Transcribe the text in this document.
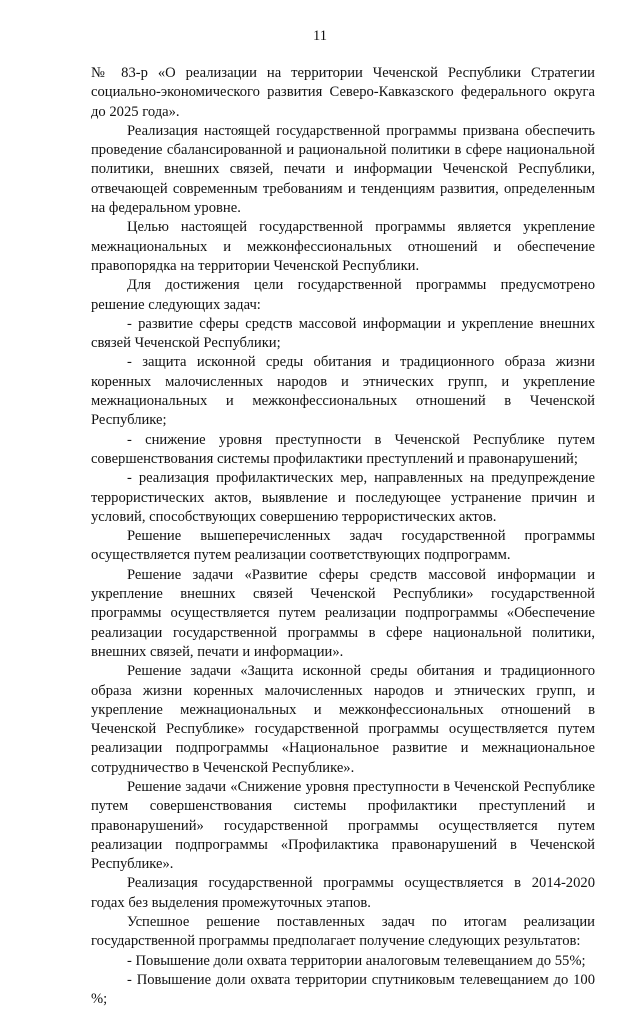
11

№ 83-р «О реализации на территории Чеченской Республики Стратегии социально-экономического развития Северо-Кавказского федерального округа до 2025 года».

Реализация настоящей государственной программы призвана обеспечить проведение сбалансированной и рациональной политики в сфере национальной политики, внешних связей, печати и информации Чеченской Республики, отвечающей современным требованиям и тенденциям развития, определенным на федеральном уровне.

Целью настоящей государственной программы является укрепление межнациональных и межконфессиональных отношений и обеспечение правопорядка на территории Чеченской Республики.

Для достижения цели государственной программы предусмотрено решение следующих задач:

- развитие сферы средств массовой информации и укрепление внешних связей Чеченской Республики;

- защита исконной среды обитания и традиционного образа жизни коренных малочисленных народов и этнических групп, и укрепление межнациональных и межконфессиональных отношений в Чеченской Республике;

- снижение уровня преступности в Чеченской Республике путем совершенствования системы профилактики преступлений и правонарушений;

- реализация профилактических мер, направленных на предупреждение террористических актов, выявление и последующее устранение причин и условий, способствующих совершению террористических актов.

Решение вышеперечисленных задач государственной программы осуществляется путем реализации соответствующих подпрограмм.

Решение задачи «Развитие сферы средств массовой информации и укрепление внешних связей Чеченской Республики» государственной программы осуществляется путем реализации подпрограммы «Обеспечение реализации государственной программы в сфере национальной политики, внешних связей, печати и информации».

Решение задачи «Защита исконной среды обитания и традиционного образа жизни коренных малочисленных народов и этнических групп, и укрепление межнациональных и межконфессиональных отношений в Чеченской Республике» государственной программы осуществляется путем реализации подпрограммы «Национальное развитие и межнациональное сотрудничество в Чеченской Республике».

Решение задачи «Снижение уровня преступности в Чеченской Республике путем совершенствования системы профилактики преступлений и правонарушений» государственной программы осуществляется путем реализации подпрограммы «Профилактика правонарушений в Чеченской Республике».

Реализация государственной программы осуществляется в 2014-2020 годах без выделения промежуточных этапов.

Успешное решение поставленных задач по итогам реализации государственной программы предполагает получение следующих результатов:

- Повышение доли охвата территории аналоговым телевещанием до 55%;

- Повышение доли охвата территории спутниковым телевещанием до 100 %;
